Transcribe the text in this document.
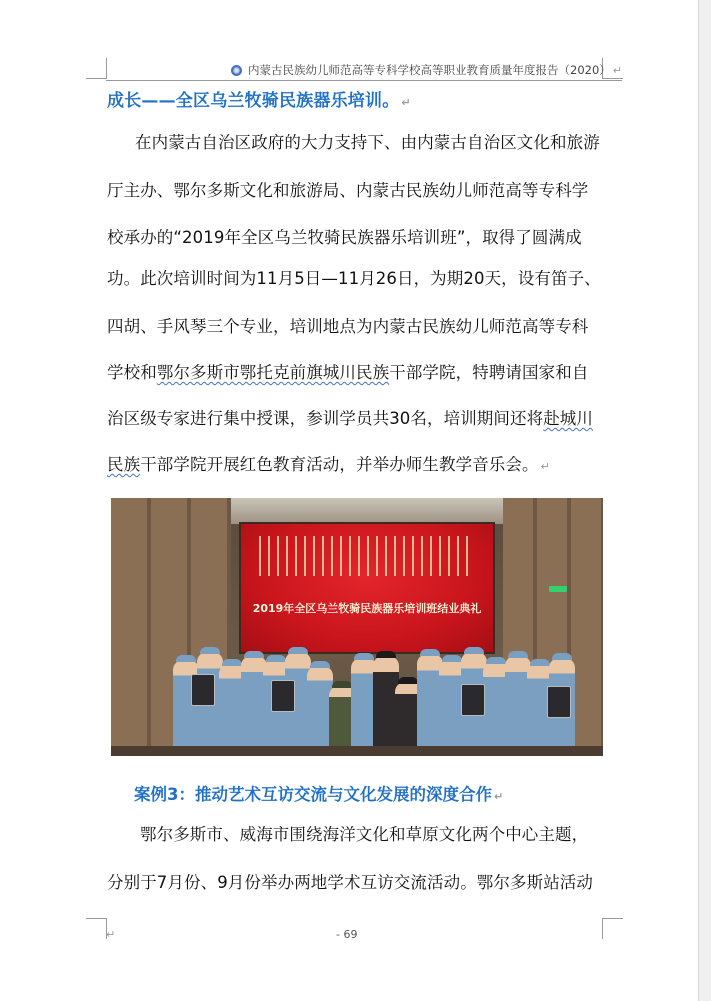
内蒙古民族幼儿师范高等专科学校高等职业教育质量年度报告（2020） ↵
成长——全区乌兰牧骑民族器乐培训。 ↵
在内蒙古自治区政府的大力支持下、由内蒙古自治区文化和旅游
厅主办、鄂尔多斯文化和旅游局、内蒙古民族幼儿师范高等专科学
校承办的“2019年全区乌兰牧骑民族器乐培训班”，取得了圆满成
功。此次培训时间为11月5日—11月26日，为期20天，设有笛子、
四胡、手风琴三个专业，培训地点为内蒙古民族幼儿师范高等专科
学校和鄂尔多斯市鄂托克前旗城川民族干部学院，特聘请国家和自
治区级专家进行集中授课，参训学员共30名，培训期间还将赴城川
民族干部学院开展红色教育活动，并举办师生教学音乐会。 ↵
2019年全区乌兰牧骑民族器乐培训班结业典礼
案例3：推动艺术互访交流与文化发展的深度合作 ↵
鄂尔多斯市、威海市围绕海洋文化和草原文化两个中心主题，
分别于7月份、9月份举办两地学术互访交流活动。鄂尔多斯站活动
↵	- 69
